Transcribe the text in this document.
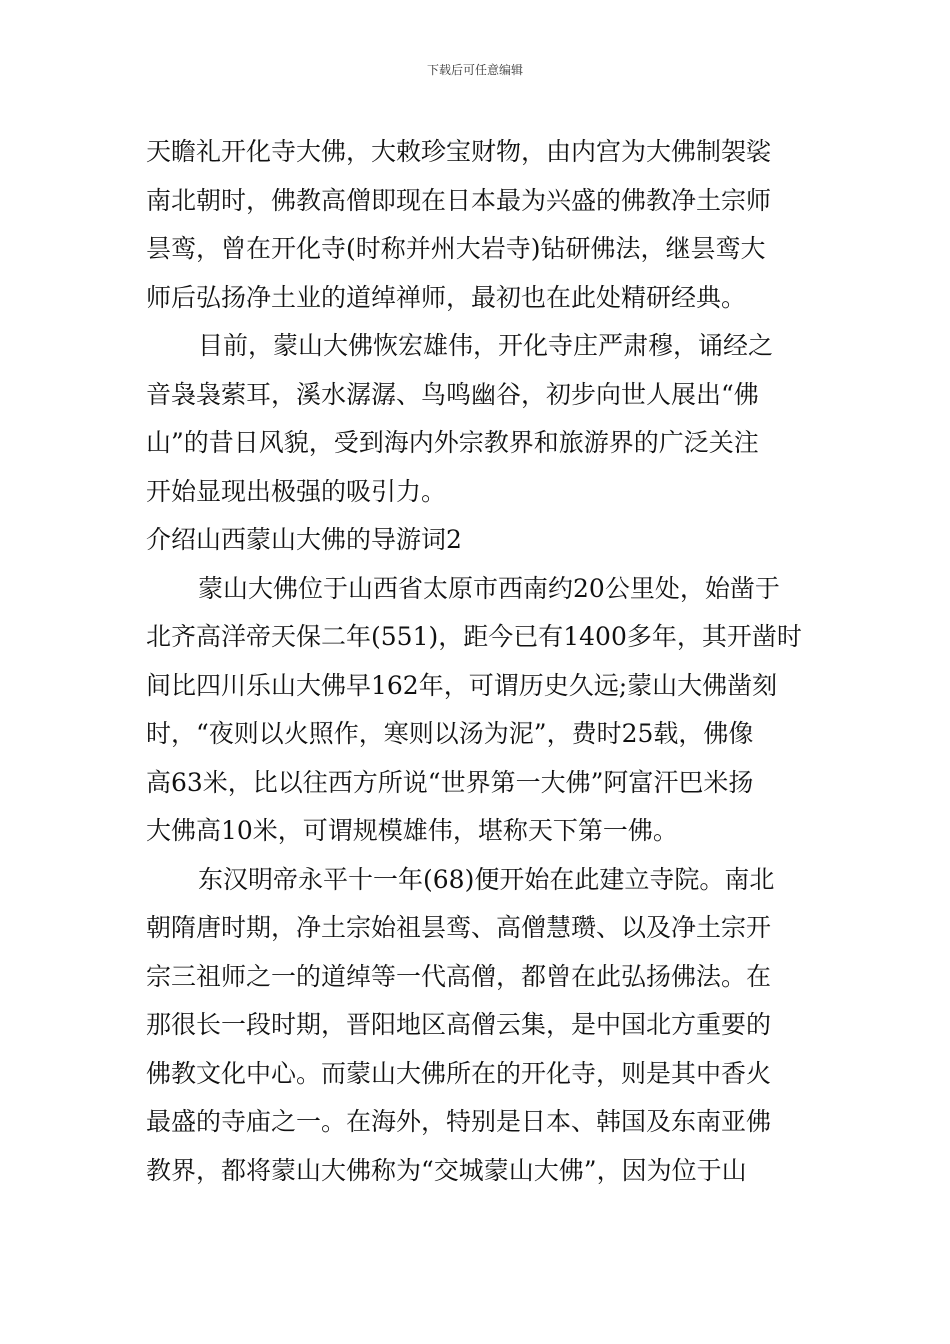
下载后可任意编辑
天瞻礼开化寺大佛，大敕珍宝财物，由内宫为大佛制袈裟
南北朝时，佛教高僧即现在日本最为兴盛的佛教净土宗师
昙鸾，曾在开化寺(时称并州大岩寺)钻研佛法，继昙鸾大
师后弘扬净土业的道绰禅师，最初也在此处精研经典。
目前，蒙山大佛恢宏雄伟，开化寺庄严肃穆，诵经之
音袅袅萦耳，溪水潺潺、鸟鸣幽谷，初步向世人展出“佛
山”的昔日风貌，受到海内外宗教界和旅游界的广泛关注
开始显现出极强的吸引力。
介绍山西蒙山大佛的导游词2
蒙山大佛位于山西省太原市西南约20公里处，始凿于
北齐高洋帝天保二年(551)，距今已有1400多年，其开凿时
间比四川乐山大佛早162年，可谓历史久远;蒙山大佛凿刻
时，“夜则以火照作，寒则以汤为泥”，费时25载，佛像
高63米，比以往西方所说“世界第一大佛”阿富汗巴米扬
大佛高10米，可谓规模雄伟，堪称天下第一佛。
东汉明帝永平十一年(68)便开始在此建立寺院。南北
朝隋唐时期，净土宗始祖昙鸾、高僧慧瓒、以及净土宗开
宗三祖师之一的道绰等一代高僧，都曾在此弘扬佛法。在
那很长一段时期，晋阳地区高僧云集，是中国北方重要的
佛教文化中心。而蒙山大佛所在的开化寺，则是其中香火
最盛的寺庙之一。在海外，特别是日本、韩国及东南亚佛
教界，都将蒙山大佛称为“交城蒙山大佛”，因为位于山
